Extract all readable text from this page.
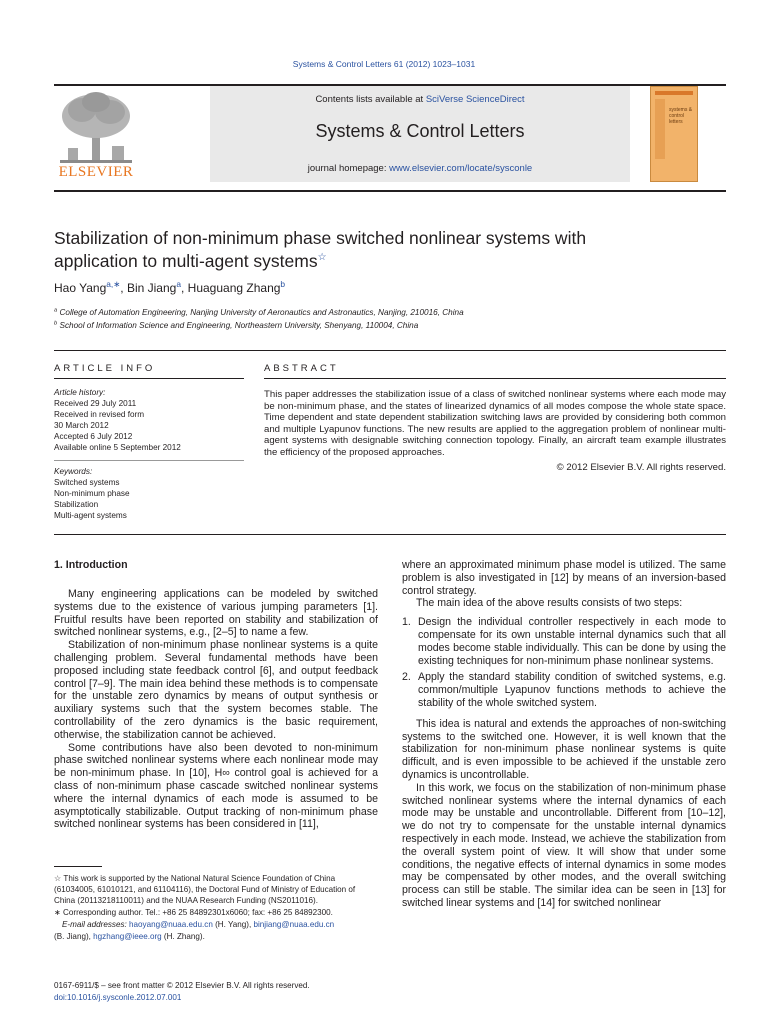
Systems & Control Letters 61 (2012) 1023–1031
ELSEVIER
Contents lists available at SciVerse ScienceDirect
Systems & Control Letters
journal homepage: www.elsevier.com/locate/sysconle
systems &
control letters
Stabilization of non-minimum phase switched nonlinear systems with
application to multi-agent systems☆
Hao Yang$^{a,∗}$, Bin Jiang$^a$, Huaguang Zhang$^b$
$^a$ College of Automation Engineering, Nanjing University of Aeronautics and Astronautics, Nanjing, 210016, China
$^b$ School of Information Science and Engineering, Northeastern University, Shenyang, 110004, China
ARTICLE INFO
Article history:
Received 29 July 2011
Received in revised form
30 March 2012
Accepted 6 July 2012
Available online 5 September 2012
Keywords:
Switched systems
Non-minimum phase
Stabilization
Multi-agent systems
ABSTRACT
This paper addresses the stabilization issue of a class of switched nonlinear systems where each mode may be non-minimum phase, and the states of linearized dynamics of all modes compose the whole state space. Time dependent and state dependent stabilization switching laws are provided by considering both common and multiple Lyapunov functions. The new results are applied to the aggregation problem of nonlinear multi-agent systems with designable switching connection topology. Finally, an aircraft team example illustrates the efficiency of the proposed approaches.
© 2012 Elsevier B.V. All rights reserved.
1. Introduction

Many engineering applications can be modeled by switched systems due to the existence of various jumping parameters [1]. Fruitful results have been reported on stability and stabilization of switched nonlinear systems, e.g., [2–5] to name a few.

Stabilization of non-minimum phase nonlinear systems is a quite challenging problem. Several fundamental methods have been proposed including state feedback control [6], and output feedback control [7–9]. The main idea behind these methods is to compensate for the unstable zero dynamics by means of output synthesis or auxiliary systems such that the system becomes stable. The controllability of the zero dynamics is the basic requirement, otherwise, the stabilization cannot be achieved.

Some contributions have also been devoted to non-minimum phase switched nonlinear systems where each nonlinear mode may be non-minimum phase. In [10], H∞ control goal is achieved for a class of non-minimum phase cascade switched nonlinear systems where the internal dynamics of each mode is assumed to be asymptotically stabilizable. Output tracking of non-minimum phase switched nonlinear systems has been considered in [11],

where an approximated minimum phase model is utilized. The same problem is also investigated in [12] by means of an inversion-based control strategy.

The main idea of the above results consists of two steps:

1. Design the individual controller respectively in each mode to compensate for its own unstable internal dynamics such that all modes become stable individually. This can be done by using the existing techniques for non-minimum phase nonlinear systems.
2. Apply the standard stability condition of switched systems, e.g. common/multiple Lyapunov functions methods to achieve the stability of the whole switched system.

This idea is natural and extends the approaches of non-switching systems to the switched one. However, it is well known that the stabilization for non-minimum phase nonlinear systems is quite difficult, and is even impossible to be achieved if the unstable zero dynamics is uncontrollable.

In this work, we focus on the stabilization of non-minimum phase switched nonlinear systems where the internal dynamics of each mode may be unstable and uncontrollable. Different from [10–12], we do not try to compensate for the unstable internal dynamics respectively in each mode. Instead, we achieve the stabilization from the overall system point of view. It will show that under some conditions, the negative effects of internal dynamics in some modes may be compensated by other modes, and the overall switching process can still be stable. The similar idea can be seen in [13] for switched linear systems and [14] for switched nonlinear

☆ This work is supported by the National Natural Science Foundation of China (61034005, 61010121, and 61104116), the Doctoral Fund of Ministry of Education of China (20113218110011) and the NUAA Research Funding (NS2011016).
∗ Corresponding author. Tel.: +86 25 84892301x6060; fax: +86 25 84892300.
E-mail addresses: haoyang@nuaa.edu.cn (H. Yang), binjiang@nuaa.edu.cn
(B. Jiang), hgzhang@ieee.org (H. Zhang).
0167-6911/$ – see front matter © 2012 Elsevier B.V. All rights reserved.
doi:10.1016/j.sysconle.2012.07.001
